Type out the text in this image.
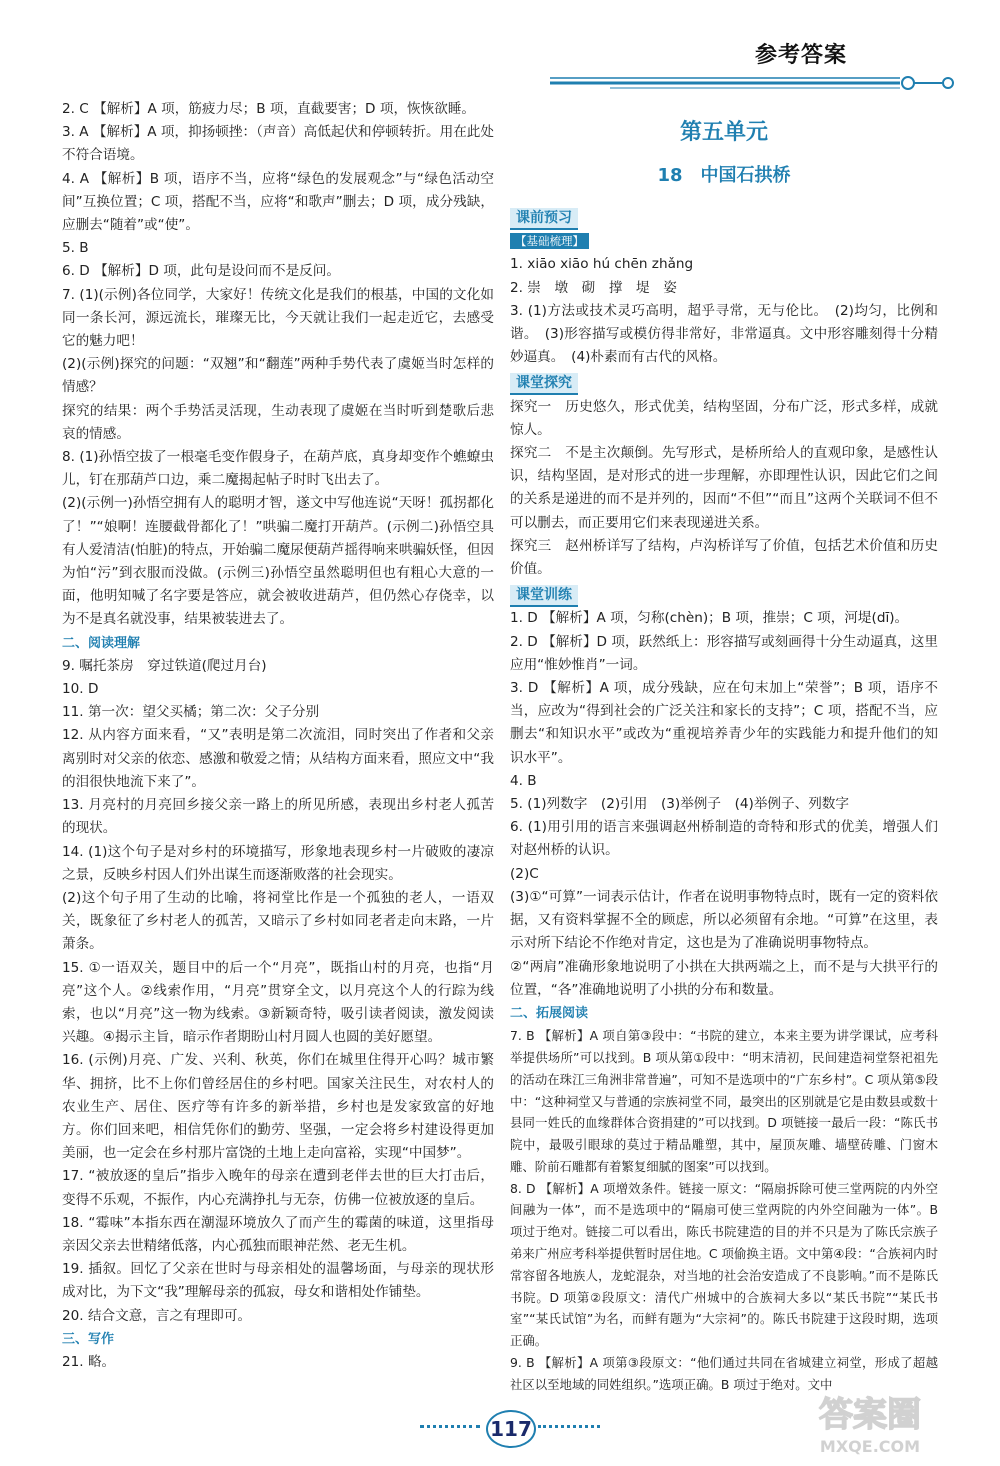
参考答案

2. C 【解析】A 项，筋疲力尽；B 项，直截要害；D 项，恢恢欲睡。

3. A 【解析】A 项，抑扬顿挫：（声音）高低起伏和停顿转折。用在此处不符合语境。

4. A 【解析】B 项，语序不当，应将“绿色的发展观念”与“绿色活动空间”互换位置；C 项，搭配不当，应将“和歌声”删去；D 项，成分残缺，应删去“随着”或“使”。

5. B

6. D 【解析】D 项，此句是设问而不是反问。

7. (1)(示例)各位同学，大家好！传统文化是我们的根基，中国的文化如同一条长河，源远流长，璀璨无比，今天就让我们一起走近它，去感受它的魅力吧！

(2)(示例)探究的问题：“双翘”和“翻莲”两种手势代表了虞姬当时怎样的情感？

探究的结果：两个手势活灵活现，生动表现了虞姬在当时听到楚歌后悲哀的情感。

8. (1)孙悟空拔了一根毫毛变作假身子，在葫芦底，真身却变作个蟭蟟虫儿，钉在那葫芦口边，乘二魔揭起帖子时时飞出去了。

(2)(示例一)孙悟空拥有人的聪明才智，遂文中写他连说“天呀！孤拐都化了！”“娘啊！连腰截骨都化了！”哄骗二魔打开葫芦。(示例二)孙悟空具有人爱清洁(怕脏)的特点，开始骗二魔尿便葫芦摇得响来哄骗妖怪，但因为怕“污”到衣服而没做。(示例三)孙悟空虽然聪明但也有粗心大意的一面，他明知喊了名字要是答应，就会被收进葫芦，但仍然心存侥幸，以为不是真名就没事，结果被装进去了。

二、阅读理解

9. 嘱托茶房　穿过铁道(爬过月台)

10. D

11. 第一次：望父买橘；第二次：父子分别

12. 从内容方面来看，“又”表明是第二次流泪，同时突出了作者和父亲离别时对父亲的依恋、感激和敬爱之情；从结构方面来看，照应文中“我的泪很快地流下来了”。

13. 月亮村的月亮回乡接父亲一路上的所见所感，表现出乡村老人孤苦的现状。

14. (1)这个句子是对乡村的环境描写，形象地表现乡村一片破败的凄凉之景，反映乡村因人们外出谋生而逐渐败落的社会现实。

(2)这个句子用了生动的比喻，将祠堂比作是一个孤独的老人，一语双关，既象征了乡村老人的孤苦，又暗示了乡村如同老者走向末路，一片萧条。

15. ①一语双关，题目中的后一个“月亮”，既指山村的月亮，也指“月亮”这个人。②线索作用，“月亮”贯穿全文，以月亮这个人的行踪为线索，也以“月亮”这一物为线索。③新颖奇特，吸引读者阅读，激发阅读兴趣。④揭示主旨，暗示作者期盼山村月圆人也圆的美好愿望。

16. (示例)月亮、广发、兴利、秋英，你们在城里住得开心吗？城市繁华、拥挤，比不上你们曾经居住的乡村吧。国家关注民生，对农村人的农业生产、居住、医疗等有许多的新举措，乡村也是发家致富的好地方。你们回来吧，相信凭你们的勤劳、坚强，一定会将乡村建设得更加美丽，也一定会在乡村那片富饶的土地上走向富裕，实现“中国梦”。

17. “被放逐的皇后”指步入晚年的母亲在遭到老伴去世的巨大打击后，变得不乐观，不振作，内心充满挣扎与无奈，仿佛一位被放逐的皇后。

18. “霉味”本指东西在潮湿环境放久了而产生的霉菌的味道，这里指母亲因父亲去世精绪低落，内心孤独而眼神茫然、老无生机。

19. 插叙。回忆了父亲在世时与母亲相处的温馨场面，与母亲的现状形成对比，为下文“我”理解母亲的孤寂，母女和谐相处作铺垫。

20. 结合文意，言之有理即可。

三、写作

21. 略。

第五单元
18　中国石拱桥
课前预习
【基础梳理】

1. xiāo xiāo hú chēn zhǎng

2. 崇　墩　砌　撑　堤　姿

3. (1)方法或技术灵巧高明，超乎寻常，无与伦比。　(2)均匀，比例和谐。　(3)形容描写或模仿得非常好，非常逼真。文中形容雕刻得十分精妙逼真。　(4)朴素而有古代的风格。

课堂探究

探究一　历史悠久，形式优美，结构坚固，分布广泛，形式多样，成就惊人。

探究二　不是主次颠倒。先写形式，是桥所给人的直观印象，是感性认识，结构坚固，是对形式的进一步理解，亦即理性认识，因此它们之间的关系是递进的而不是并列的，因而“不但”“而且”这两个关联词不但不可以删去，而正要用它们来表现递进关系。

探究三　赵州桥详写了结构，卢沟桥详写了价值，包括艺术价值和历史价值。

课堂训练

1. D 【解析】A 项，匀称(chèn)；B 项，推崇；C 项，河堤(dī)。

2. D 【解析】D 项，跃然纸上：形容描写或刻画得十分生动逼真，这里应用“惟妙惟肖”一词。

3. D 【解析】A 项，成分残缺，应在句末加上“荣誉”；B 项，语序不当，应改为“得到社会的广泛关注和家长的支持”；C 项，搭配不当，应删去“和知识水平”或改为“重视培养青少年的实践能力和提升他们的知识水平”。

4. B

5. (1)列数字　(2)引用　(3)举例子　(4)举例子、列数字

6. (1)用引用的语言来强调赵州桥制造的奇特和形式的优美，增强人们对赵州桥的认识。

(2)C

(3)①“可算”一词表示估计，作者在说明事物特点时，既有一定的资料依据，又有资料掌握不全的顾虑，所以必须留有余地。“可算”在这里，表示对所下结论不作绝对肯定，这也是为了准确说明事物特点。

②“两肩”准确形象地说明了小拱在大拱两端之上，而不是与大拱平行的位置，“各”准确地说明了小拱的分布和数量。

二、拓展阅读

7. B 【解析】A 项自第③段中：“书院的建立，本来主要为讲学课试，应考科举提供场所”可以找到。B 项从第①段中：“明末清初，民间建造祠堂祭祀祖先的活动在珠江三角洲非常普遍”，可知不是选项中的“广东乡村”。C 项从第⑤段中：“这种祠堂又与普通的宗族祠堂不同，最突出的区别就是它是由数县或数十县同一姓氏的血缘群体合资捐建的”可以找到。D 项链接一最后一段：“陈氏书院中，最吸引眼球的莫过于精品雕塑，其中，屋顶灰雕、墙壁砖雕、门窗木雕、阶前石雕都有着繁复细腻的图案”可以找到。

8. D 【解析】A 项增效条件。链接一原文：“隔扇拆除可使三堂两院的内外空间融为一体”，而不是选项中的“隔扇可使三堂两院的内外空间融为一体”。B 项过于绝对。链接二可以看出，陈氏书院建造的目的并不只是为了陈氏宗族子弟来广州应考科举提供暂时居住地。C 项偷换主语。文中第④段：“合族祠内时常容留各地族人，龙蛇混杂，对当地的社会治安造成了不良影响。”而不是陈氏书院。D 项第②段原文：清代广州城中的合族祠大多以“某氏书院”“某氏书室”“某氏试馆”为名，而鲜有题为“大宗祠”的。陈氏书院建于这段时期，选项正确。

9. B 【解析】A 项第③段原文：“他们通过共同在省城建立祠堂，形成了超越社区以至地域的同姓组织。”选项正确。B 项过于绝对。文中

117	答案圈
MXQE.COM
